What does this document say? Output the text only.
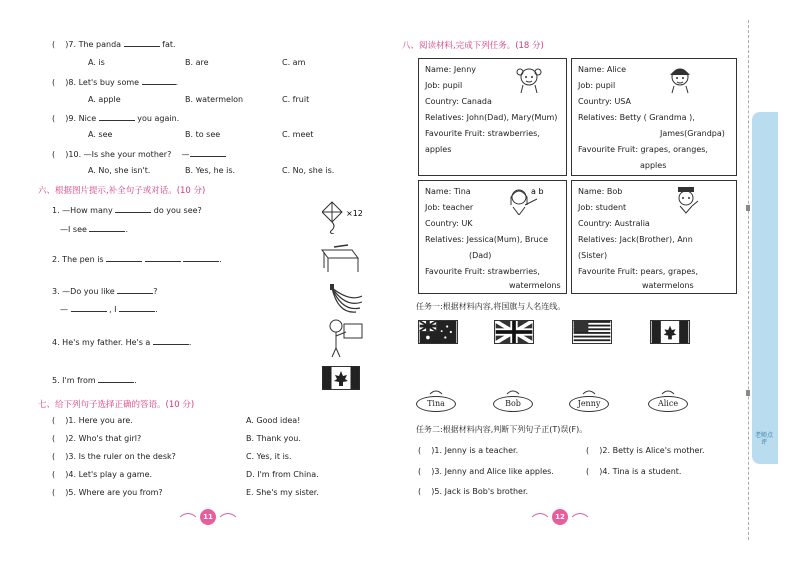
( )7. The panda	fat.
A. is	B. are	C. am
( )8. Let's buy some	.
A. apple	B. watermelon	C. fruit
( )9. Nice	you again.
A. see	B. to see	C. meet
( )10. —Is she your mother? —
A. No, she isn't.	B. Yes, he is.	C. No, she is.
六、根据图片提示,补全句子或对话。(10 分)
1. —How many	do you see?
—I see	.
×12
2. The pen is	.
3. —Do you like	?
—	, I	.
4. He's my father. He's a	.
5. I'm from	.
七、给下列句子选择正确的答语。(10 分)
( )1. Here you are.	A. Good idea!
( )2. Who's that girl?	B. Thank you.
( )3. Is the ruler on the desk?	C. Yes, it is.
( )4. Let's play a game.	D. I'm from China.
( )5. Where are you from?	E. She's my sister.
11
八、阅读材料,完成下列任务。(18 分)
Name: Jenny
Job: pupil
Country: Canada
Relatives: John(Dad), Mary(Mum)
Favourite Fruit: strawberries,
apples
Name: Alice
Job: pupil
Country: USA
Relatives: Betty ( Grandma ),
James(Grandpa)
Favourite Fruit: grapes, oranges,
apples
Name: Tina
Job: teacher
Country: UK
Relatives: Jessica(Mum), Bruce
(Dad)
Favourite Fruit: strawberries,
watermelons
a b	Name: Bob
Job: student
Country: Australia
Relatives: Jack(Brother), Ann
(Sister)
Favourite Fruit: pears, grapes,
watermelons
任务一:根据材料内容,将国旗与人名连线。
Tina	Bob	Jenny	Alice
任务二:根据材料内容,判断下列句子正(T)误(F)。
( )1. Jenny is a teacher.	( )2. Betty is Alice's mother.
( )3. Jenny and Alice like apples.	( )4. Tina is a student.
( )5. Jack is Bob's brother.
12
老师点评
